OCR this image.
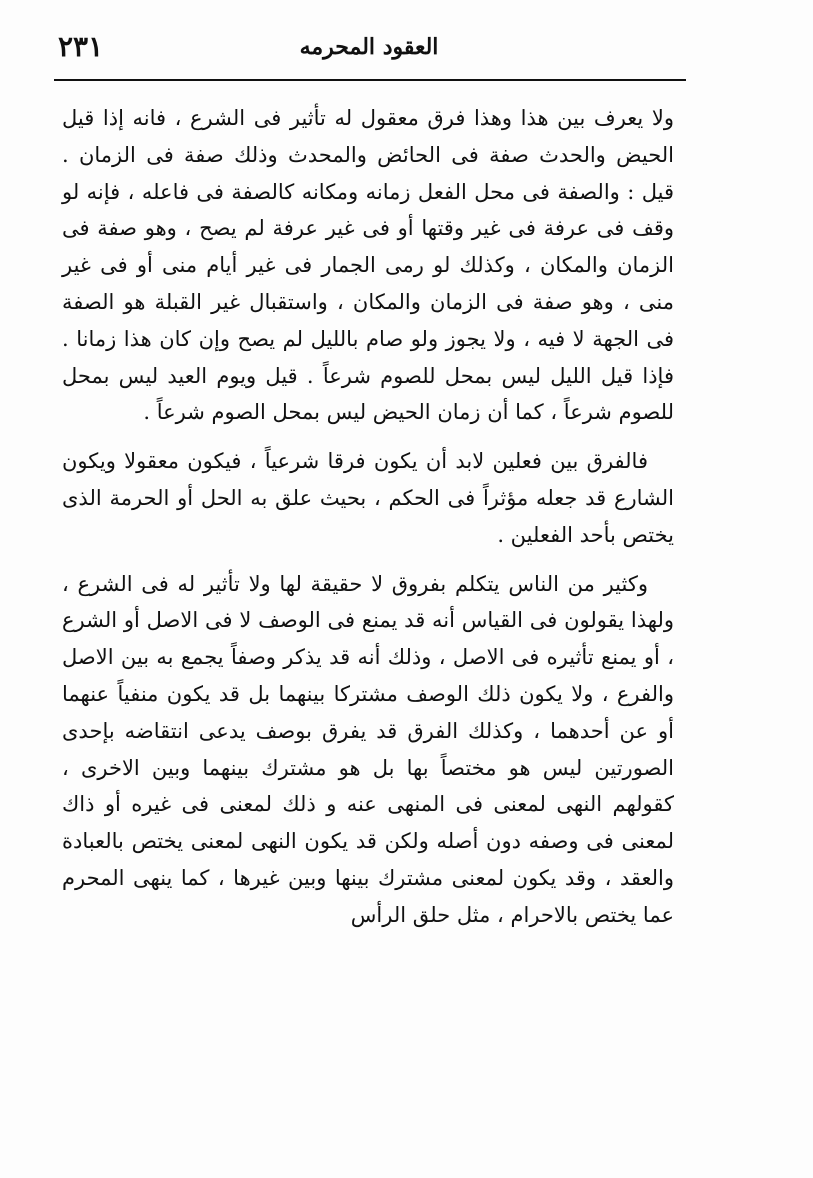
العقود المحرمه
٢٣١

ولا يعرف بين هذا وهذا فرق معقول له تأثير فى الشرع ، فانه إذا قيل الحيض والحدث صفة فى الحائض والمحدث وذلك صفة فى الزمان . قيل : والصفة فى محل الفعل زمانه ومكانه كالصفة فى فاعله ، فإنه لو وقف فى عرفة فى غير وقتها أو فى غير عرفة لم يصح ، وهو صفة فى الزمان والمكان ، وكذلك لو رمى الجمار فى غير أيام منى أو فى غير منى ، وهو صفة فى الزمان والمكان ، واستقبال غير القبلة هو الصفة فى الجهة لا فيه ، ولا يجوز ولو صام بالليل لم يصح وإن كان هذا زمانا . فإذا قيل الليل ليس بمحل للصوم شرعاً . قيل ويوم العيد ليس بمحل للصوم شرعاً ، كما أن زمان الحيض ليس بمحل الصوم شرعاً .

فالفرق بين فعلين لابد أن يكون فرقا شرعياً ، فيكون معقولا ويكون الشارع قد جعله مؤثراً فى الحكم ، بحيث علق به الحل أو الحرمة الذى يختص بأحد الفعلين .

وكثير من الناس يتكلم بفروق لا حقيقة لها ولا تأثير له فى الشرع ، ولهذا يقولون فى القياس أنه قد يمنع فى الوصف لا فى الاصل أو الشرع ، أو يمنع تأثيره فى الاصل ، وذلك أنه قد يذكر وصفاً يجمع به بين الاصل والفرع ، ولا يكون ذلك الوصف مشتركا بينهما بل قد يكون منفياً عنهما أو عن أحدهما ، وكذلك الفرق قد يفرق بوصف يدعى انتقاضه بإحدى الصورتين ليس هو مختصاً بها بل هو مشترك بينهما وبين الاخرى ، كقولهم النهى لمعنى فى المنهى عنه و ذلك لمعنى فى غيره أو ذاك لمعنى فى وصفه دون أصله ولكن قد يكون النهى لمعنى يختص بالعبادة والعقد ، وقد يكون لمعنى مشترك بينها وبين غيرها ، كما ينهى المحرم عما يختص بالاحرام ، مثل حلق الرأس
